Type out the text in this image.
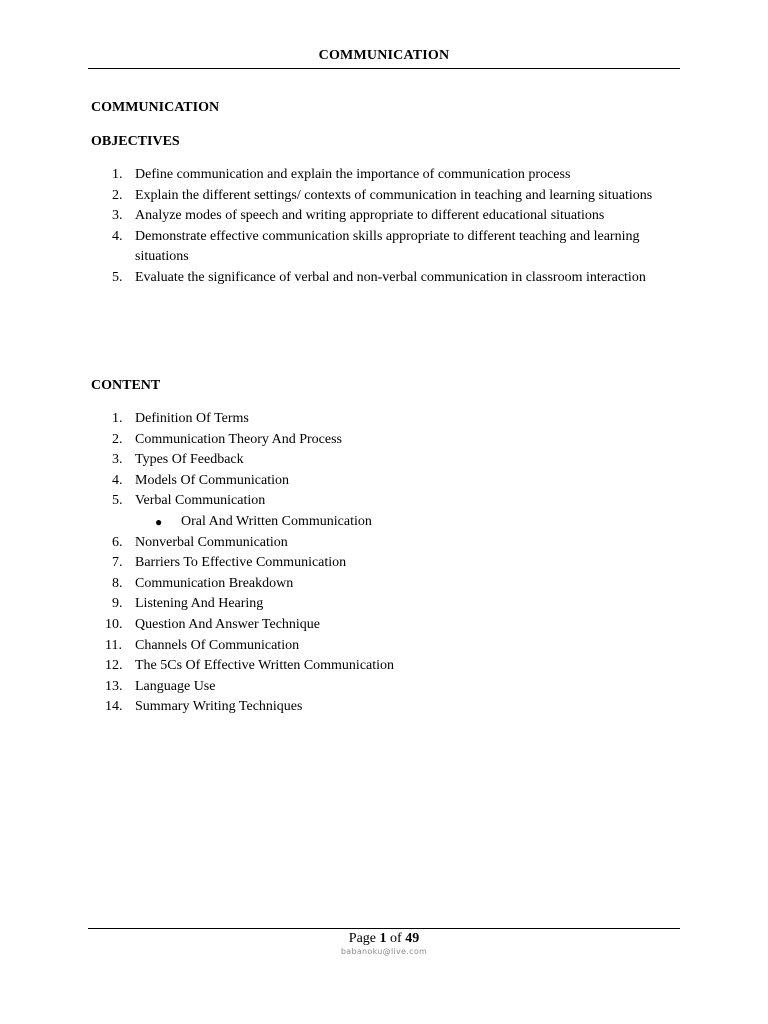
COMMUNICATION
COMMUNICATION
OBJECTIVES
1. Define communication and explain the importance of communication process
2. Explain the different settings/ contexts of communication in teaching and learning situations
3. Analyze modes of speech and writing appropriate to different educational situations
4. Demonstrate effective communication skills appropriate to different teaching and learning situations
5. Evaluate the significance of verbal and non-verbal communication in classroom interaction
CONTENT
1. Definition Of Terms
2. Communication Theory And Process
3. Types Of Feedback
4. Models Of Communication
5. Verbal Communication
● Oral And Written Communication
6. Nonverbal Communication
7. Barriers To Effective Communication
8. Communication Breakdown
9. Listening And Hearing
10. Question And Answer Technique
11. Channels Of Communication
12. The 5Cs Of Effective Written Communication
13. Language Use
14. Summary Writing Techniques
Page 1 of 49
babanoku@live.com
